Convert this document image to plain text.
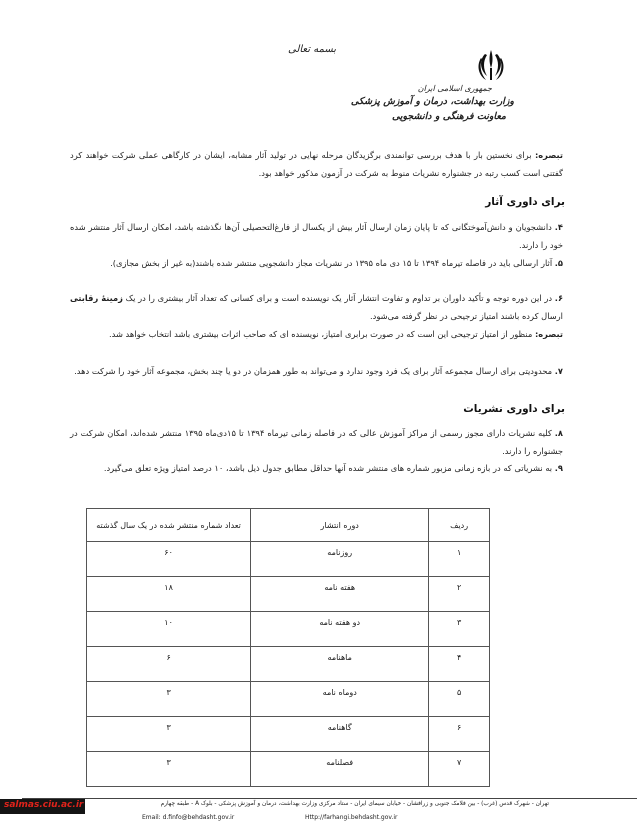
بسمه تعالی
جمهوری اسلامی ایران
وزارت بهداشت، درمان و آموزش پزشکی
معاونت فرهنگی و دانشجویی
تبصره: برای نخستین بار با هدف بررسی توانمندی برگزیدگان مرحله نهایی در تولید آثار مشابه، ایشان در کارگاهی عملی شرکت خواهند کرد گفتنی است کسب رتبه در جشنواره نشریات منوط به شرکت در آزمون مذکور خواهد بود.
برای داوری آثار
۴. دانشجویان و دانش‌آموختگانی که تا پایان زمان ارسال آثار بیش از یکسال از فارغ‌التحصیلی آن‌ها نگذشته باشد، امکان ارسال آثار منتشر شده خود را دارند.
۵. آثار ارسالی باید در فاصله تیرماه ۱۳۹۴ تا ۱۵ دی ماه ۱۳۹۵ در نشریات مجاز دانشجویی منتشر شده باشند(به غیر از بخش مجازی).
۶. در این دوره توجه و تأکید داوران بر تداوم و تفاوت انتشار آثار یک نویسنده است و برای کسانی که تعداد آثار بیشتری را در یک زمینۀ رقابتی ارسال کرده باشند امتیاز ترجیحی در نظر گرفته می‌شود.
تبصره: منظور از امتیاز ترجیحی این است که در صورت برابری امتیاز، نویسنده ای که صاحب اثرات بیشتری باشد انتخاب خواهد شد.
۷. محدودیتی برای ارسال مجموعه آثار برای یک فرد وجود ندارد و می‌تواند به طور همزمان در دو یا چند بخش، مجموعه آثار خود را شرکت دهد.
برای داوری نشریات
۸. کلیه نشریات دارای مجوز رسمی از مراکز آموزش عالی که در فاصله زمانی تیرماه ۱۳۹۴ تا ۱۵دی‌ماه ۱۳۹۵ منتشر شده‌اند، امکان شرکت در جشنواره را دارند.
۹. به نشریاتی که در بازه زمانی مزبور شماره های منتشر شده آنها حداقل مطابق جدول ذیل باشد، ۱۰ درصد امتیاز ویژه تعلق می‌گیرد.
ردیف	دوره انتشار	تعداد شماره منتشر شده در یک سال گذشته
۱	روزنامه	۶۰
۲	هفته نامه	۱۸
۳	دو هفته نامه	۱۰
۴	ماهنامه	۶
۵	دوماه نامه	۳
۶	گاهنامه	۳
۷	فصلنامه	۳
تهران - شهرک قدس (غرب) - بین فلامک جنوبی و زرافشان - خیابان سیمای ایران - ستاد مرکزی وزارت بهداشت، درمان و آموزش پزشکی - بلوک A - طبقه چهارم
Http://farhangi.behdasht.gov.ir
Email: d.finfo@behdasht.gov.ir
salmas.ciu.ac.ir
